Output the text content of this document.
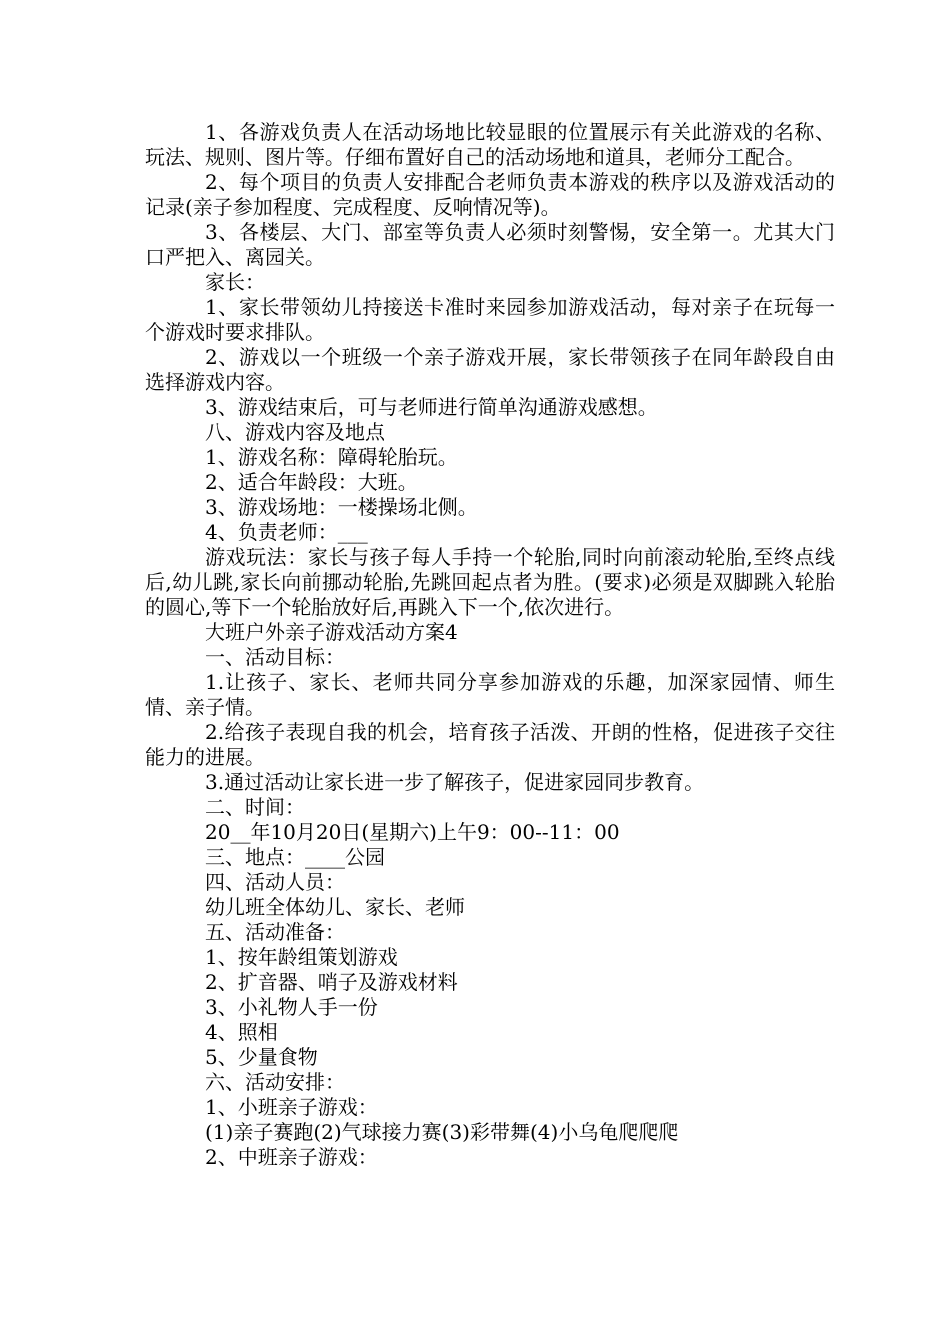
1、各游戏负责人在活动场地比较显眼的位置展示有关此游戏的名称、玩法、规则、图片等。仔细布置好自己的活动场地和道具，老师分工配合。

2、每个项目的负责人安排配合老师负责本游戏的秩序以及游戏活动的记录(亲子参加程度、完成程度、反响情况等)。

3、各楼层、大门、部室等负责人必须时刻警惕，安全第一。尤其大门口严把入、离园关。

家长：

1、家长带领幼儿持接送卡准时来园参加游戏活动，每对亲子在玩每一个游戏时要求排队。

2、游戏以一个班级一个亲子游戏开展，家长带领孩子在同年龄段自由选择游戏内容。

3、游戏结束后，可与老师进行简单沟通游戏感想。

八、游戏内容及地点

1、游戏名称：障碍轮胎玩。

2、适合年龄段：大班。

3、游戏场地：一楼操场北侧。

4、负责老师：___

游戏玩法：家长与孩子每人手持一个轮胎,同时向前滚动轮胎,至终点线后,幼儿跳,家长向前挪动轮胎,先跳回起点者为胜。(要求)必须是双脚跳入轮胎的圆心,等下一个轮胎放好后,再跳入下一个,依次进行。

大班户外亲子游戏活动方案4

一、活动目标：

1.让孩子、家长、老师共同分享参加游戏的乐趣，加深家园情、师生情、亲子情。

2.给孩子表现自我的机会，培育孩子活泼、开朗的性格，促进孩子交往能力的进展。

3.通过活动让家长进一步了解孩子，促进家园同步教育。

二、时间：

20__年10月20日(星期六)上午9：00--11：00

三、地点：____公园

四、活动人员：

幼儿班全体幼儿、家长、老师

五、活动准备：

1、按年龄组策划游戏

2、扩音器、哨子及游戏材料

3、小礼物人手一份

4、照相

5、少量食物

六、活动安排：

1、小班亲子游戏：

(1)亲子赛跑(2)气球接力赛(3)彩带舞(4)小乌龟爬爬爬

2、中班亲子游戏：
